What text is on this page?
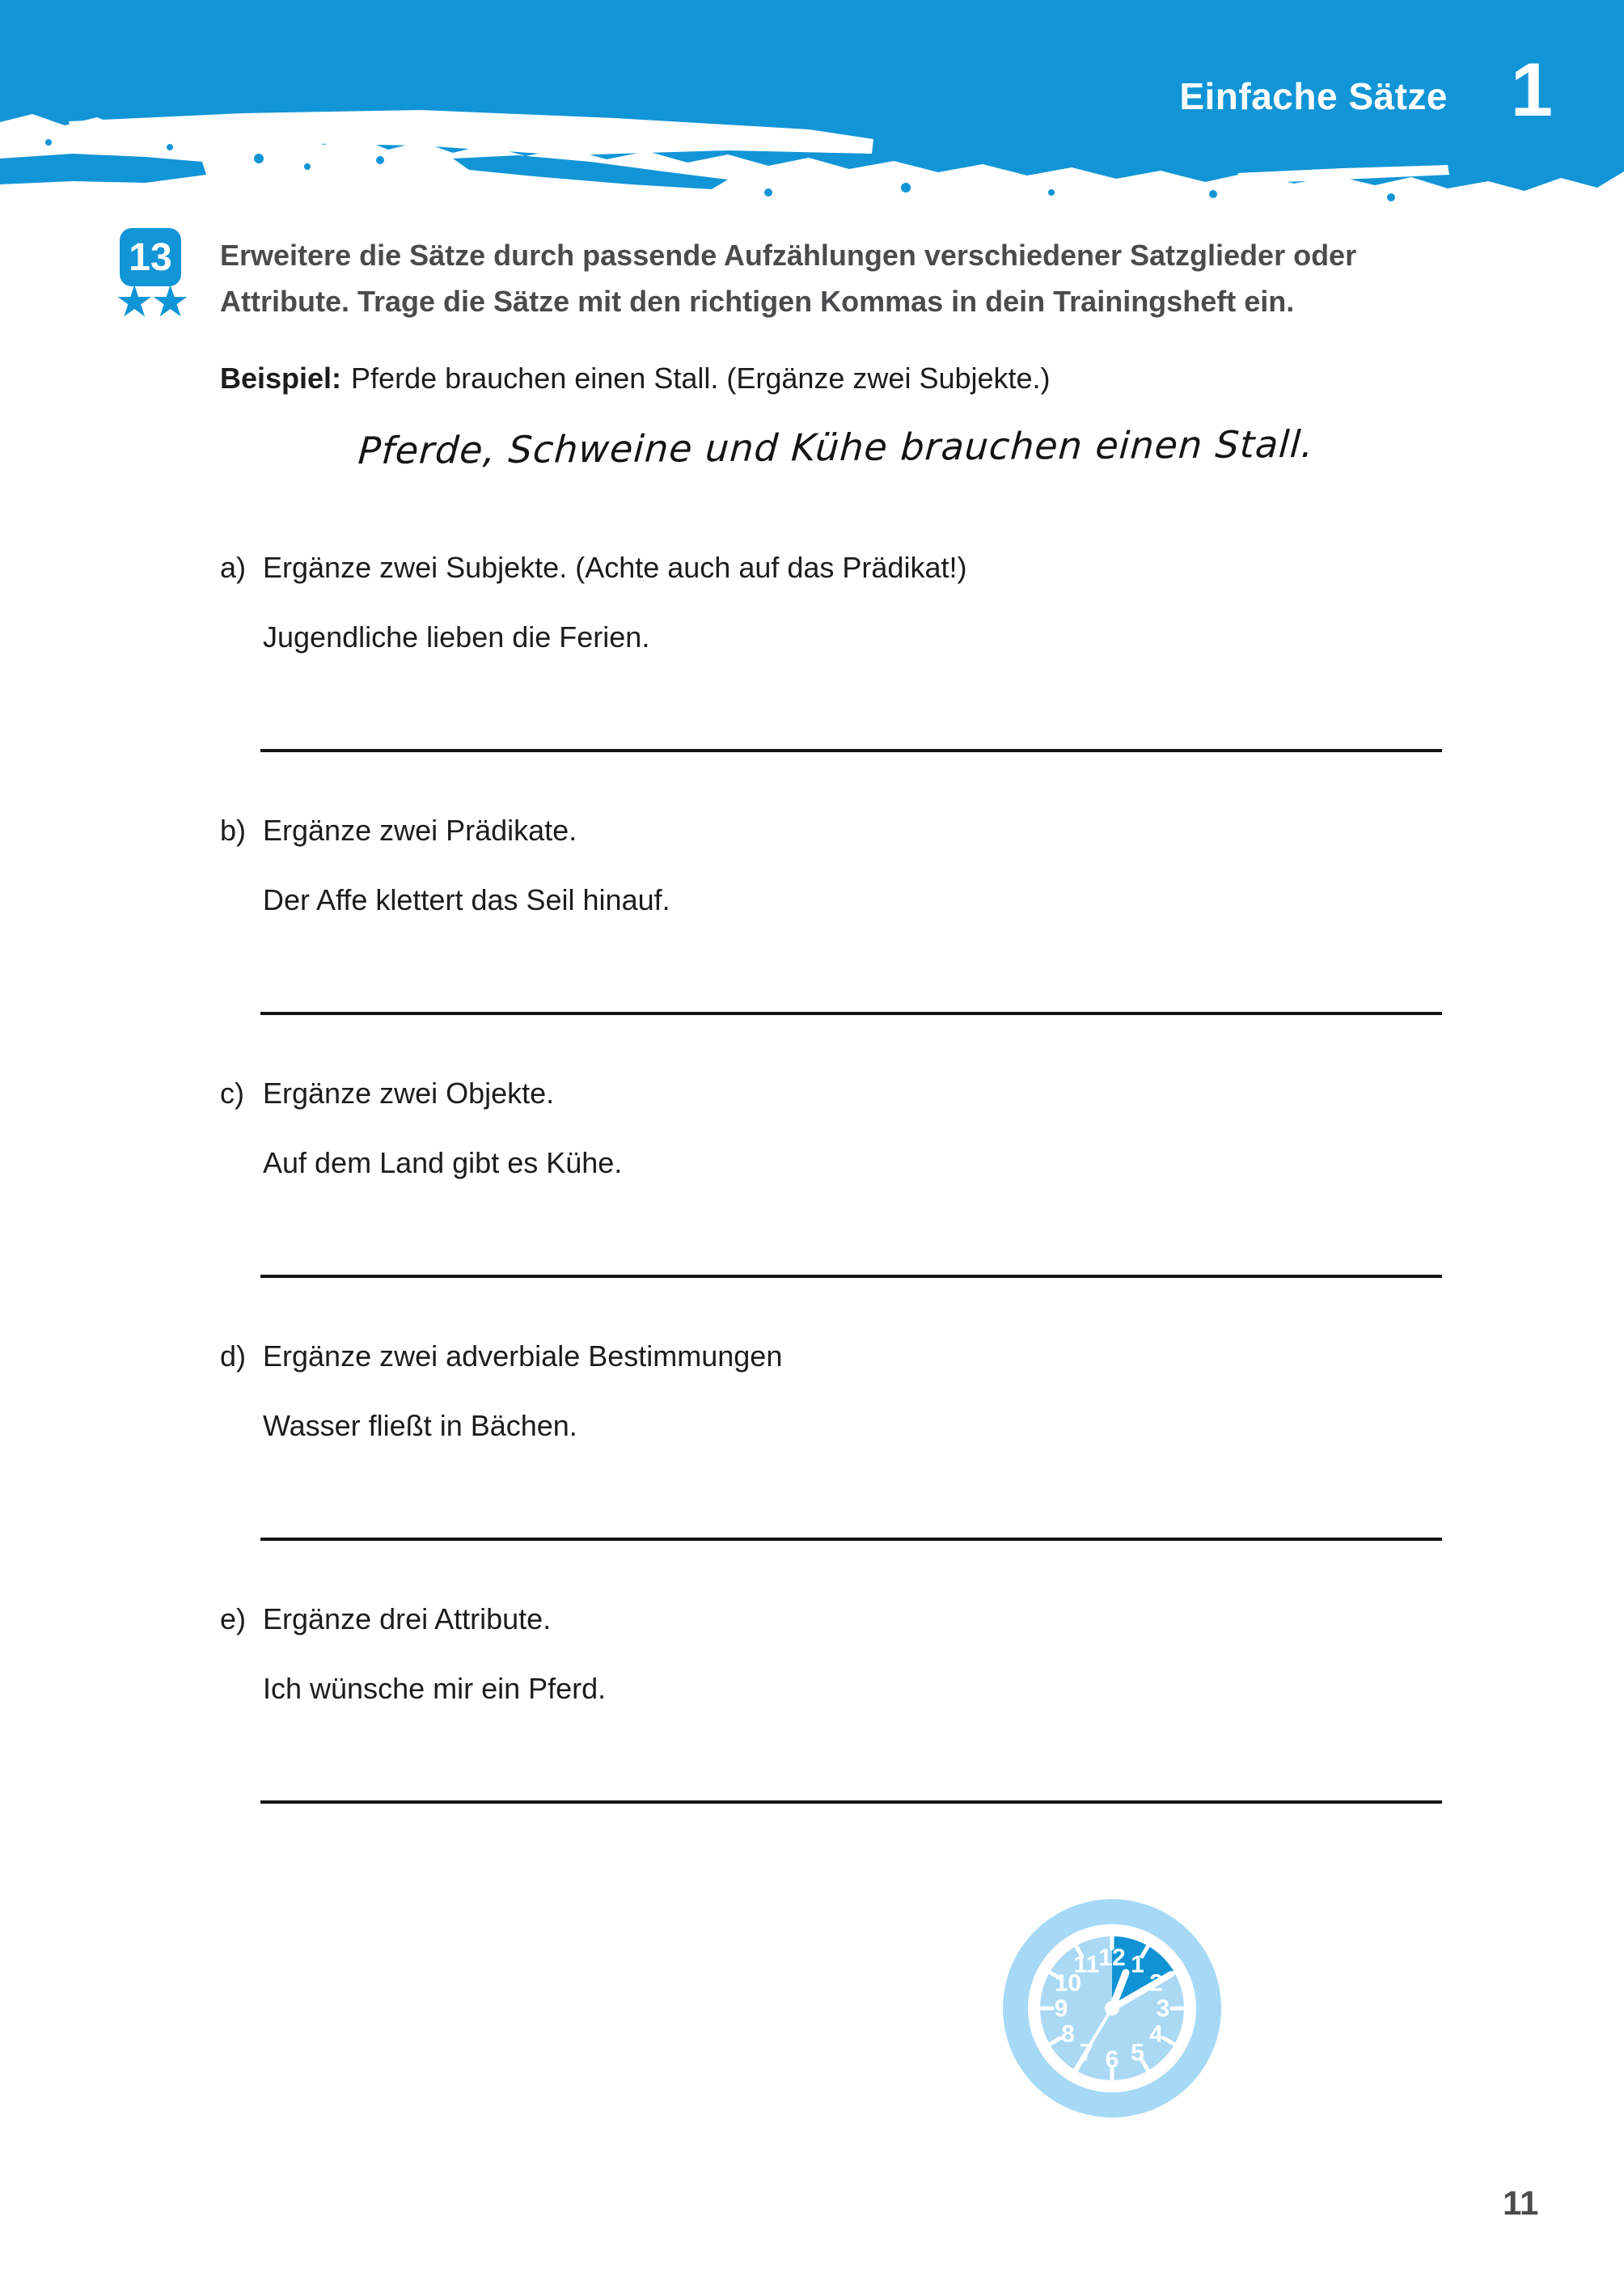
Einfache Sätze 1
13
★★
Erweitere die Sätze durch passende Aufzählungen verschiedener Satzglieder oder
Attribute. Trage die Sätze mit den richtigen Kommas in dein Trainingsheft ein.
Beispiel: Pferde brauchen einen Stall. (Ergänze zwei Subjekte.)
Pferde, Schweine und Kühe brauchen einen Stall.
a) Ergänze zwei Subjekte. (Achte auch auf das Prädikat!)
Jugendliche lieben die Ferien.
b) Ergänze zwei Prädikate.
Der Affe klettert das Seil hinauf.
c) Ergänze zwei Objekte.
Auf dem Land gibt es Kühe.
d) Ergänze zwei adverbiale Bestimmungen
Wasser fließt in Bächen.
e) Ergänze drei Attribute.
Ich wünsche mir ein Pferd.
1
2
3
4
5
6
7
8
9
10
11
12
11
